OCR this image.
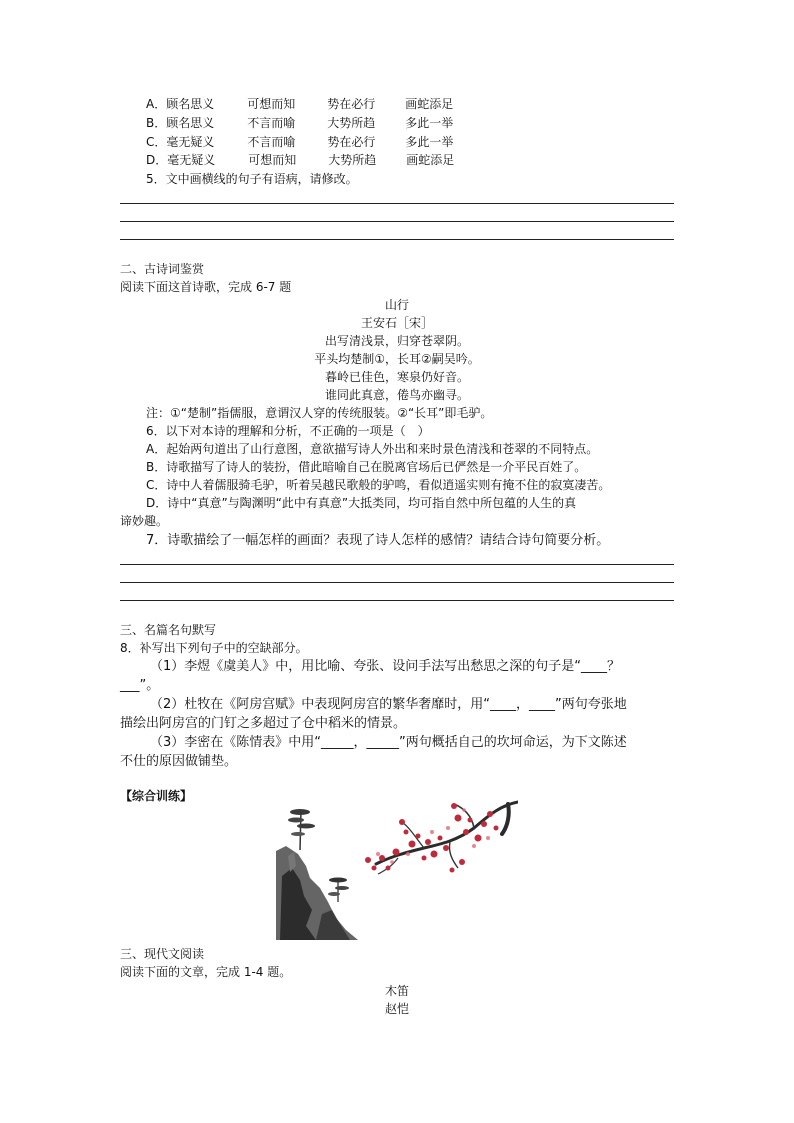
A．顾名思义	可想而知	势在必行 画蛇添足
B．顾名思义	不言而喻	大势所趋 多此一举
C．毫无疑义	不言而喻	势在必行 多此一举
D．毫无疑义	可想而知	大势所趋 画蛇添足
5．文中画横线的句子有语病，请修改。
二、古诗词鉴赏
阅读下面这首诗歌，完成 6-7 题
山行
王安石［宋］
出写清浅景，归穿苍翠阴。
平头均楚制①，长耳②嗣吴吟。
暮岭已佳色，寒泉仍好音。
谁同此真意，倦鸟亦幽寻。
注：①“楚制”指儒服，意谓汉人穿的传统服装。②“长耳”即毛驴。
6．以下对本诗的理解和分析，不正确的一项是（　）
A．起始两句道出了山行意图，意欲描写诗人外出和来时景色清浅和苍翠的不同特点。
B．诗歌描写了诗人的装扮，借此暗喻自己在脱离官场后已俨然是一介平民百姓了。
C．诗中人着儒服骑毛驴，听着吴越民歌般的驴鸣，看似逍遥实则有掩不住的寂寞凄苦。
D．诗中“真意”与陶渊明“此中有真意”大抵类同，均可指自然中所包蕴的人生的真
谛妙趣。
7．诗歌描绘了一幅怎样的画面？表现了诗人怎样的感情？请结合诗句简要分析。
三、名篇名句默写
8．补写出下列句子中的空缺部分。
（1）李煜《虞美人》中，用比喻、夸张、设问手法写出愁思之深的句子是“____？
___”。
（2）杜牧在《阿房宫赋》中表现阿房宫的繁华奢靡时，用“____，____”两句夸张地
描绘出阿房宫的门钉之多超过了仓中稻米的情景。
（3）李密在《陈情表》中用“_____，_____”两句概括自己的坎坷命运，为下文陈述
不仕的原因做铺垫。
【综合训练】
三、现代文阅读
阅读下面的文章，完成 1-4 题。
木笛
赵恺
